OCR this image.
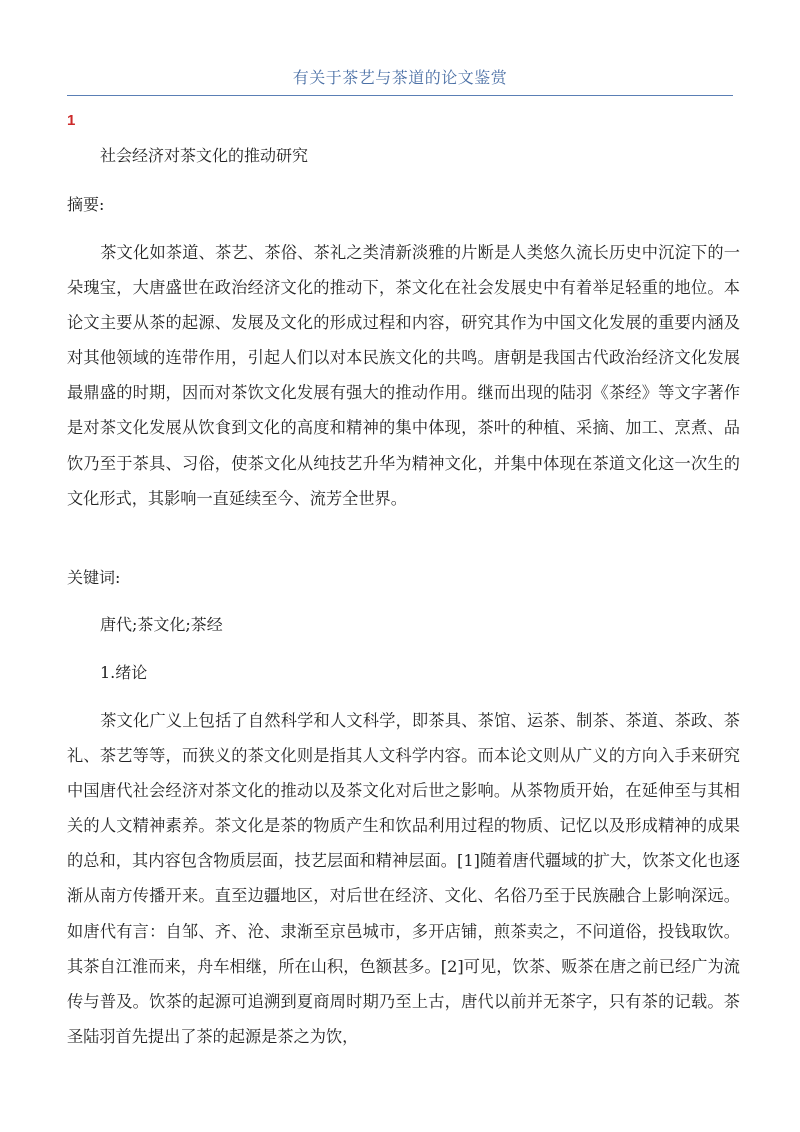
有关于茶艺与茶道的论文鉴赏
1
社会经济对茶文化的推动研究
摘要:
茶文化如茶道、茶艺、茶俗、茶礼之类清新淡雅的片断是人类悠久流长历史中沉淀下的一朵瑰宝，大唐盛世在政治经济文化的推动下，茶文化在社会发展史中有着举足轻重的地位。本论文主要从茶的起源、发展及文化的形成过程和内容，研究其作为中国文化发展的重要内涵及对其他领域的连带作用，引起人们以对本民族文化的共鸣。唐朝是我国古代政治经济文化发展最鼎盛的时期，因而对茶饮文化发展有强大的推动作用。继而出现的陆羽《茶经》等文字著作是对茶文化发展从饮食到文化的高度和精神的集中体现，茶叶的种植、采摘、加工、烹煮、品饮乃至于茶具、习俗，使茶文化从纯技艺升华为精神文化，并集中体现在茶道文化这一次生的文化形式，其影响一直延续至今、流芳全世界。
关键词:
唐代;茶文化;茶经
1.绪论
茶文化广义上包括了自然科学和人文科学，即茶具、茶馆、运茶、制茶、茶道、茶政、茶礼、茶艺等等，而狭义的茶文化则是指其人文科学内容。而本论文则从广义的方向入手来研究中国唐代社会经济对茶文化的推动以及茶文化对后世之影响。从茶物质开始，在延伸至与其相关的人文精神素养。茶文化是茶的物质产生和饮品利用过程的物质、记忆以及形成精神的成果的总和，其内容包含物质层面，技艺层面和精神层面。[1]随着唐代疆域的扩大，饮茶文化也逐渐从南方传播开来。直至边疆地区，对后世在经济、文化、名俗乃至于民族融合上影响深远。如唐代有言：自邹、齐、沧、隶渐至京邑城市，多开店铺，煎茶卖之，不问道俗，投钱取饮。其茶自江淮而来，舟车相继，所在山积，色额甚多。[2]可见，饮茶、贩茶在唐之前已经广为流传与普及。饮茶的起源可追溯到夏商周时期乃至上古，唐代以前并无茶字，只有茶的记载。茶圣陆羽首先提出了茶的起源是茶之为饮，
